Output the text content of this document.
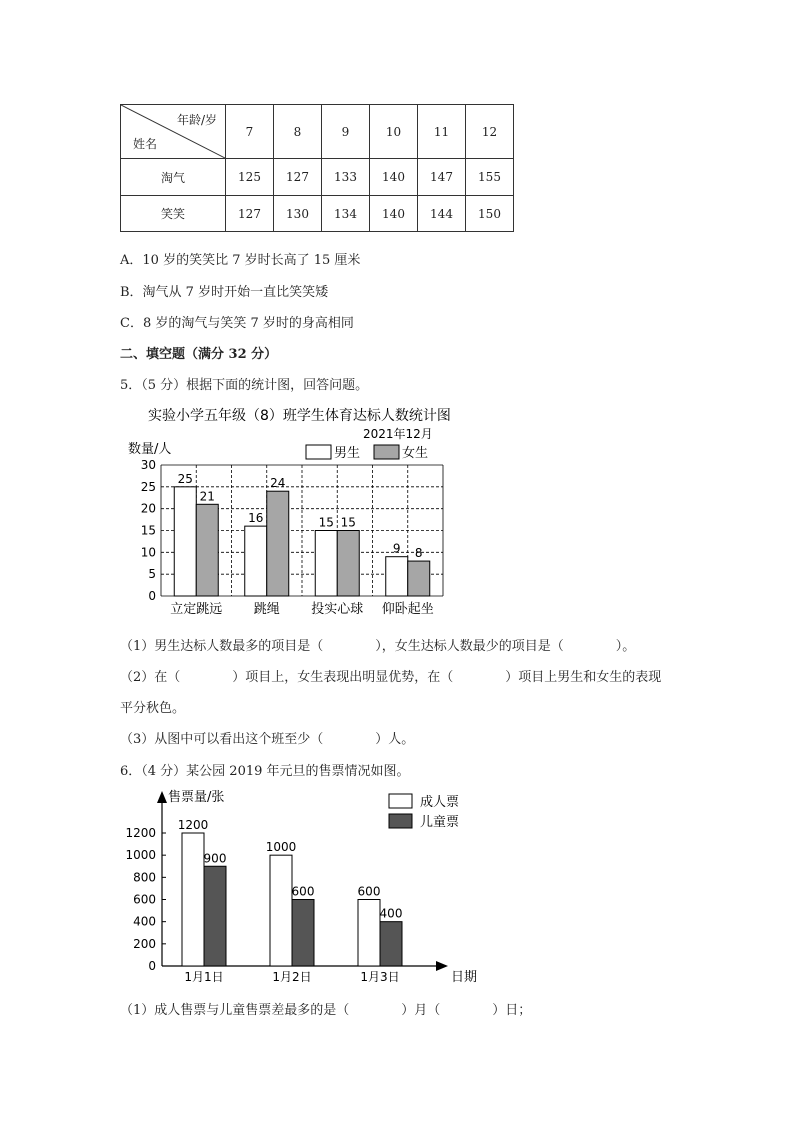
年龄/岁
姓名	7	8	9	10	11	12
淘气	125	127	133	140	147	155
笑笑	127	130	134	140	144	150
A．10 岁的笑笑比 7 岁时长高了 15 厘米
B．淘气从 7 岁时开始一直比笑笑矮
C．8 岁的淘气与笑笑 7 岁时的身高相同
二、填空题（满分 32 分）
5．（5 分）根据下面的统计图，回答问题。
实验小学五年级（8）班学生体育达标人数统计图
2021年12月
数量/人	男生	女生
0
5
10
15
20
25
30
25
21
立定跳远
16
24
跳绳
15 15
投实心球
9 8
仰卧起坐
（1）男生达标人数最多的项目是（　　　　），女生达标人数最少的项目是（　　　　）。
（2）在（　　　　）项目上，女生表现出明显优势，在（　　　　）项目上男生和女生的表现
平分秋色。
（3）从图中可以看出这个班至少（　　　　）人。
6．（4 分）某公园 2019 年元旦的售票情况如图。
售票量/张	成人票
儿童票
日期
0
200
400
600
800
1000
1200
1200
900
1月1日
1000
600
1月2日
600
400
1月3日
（1）成人售票与儿童售票差最多的是（　　　　）月（　　　　）日；
